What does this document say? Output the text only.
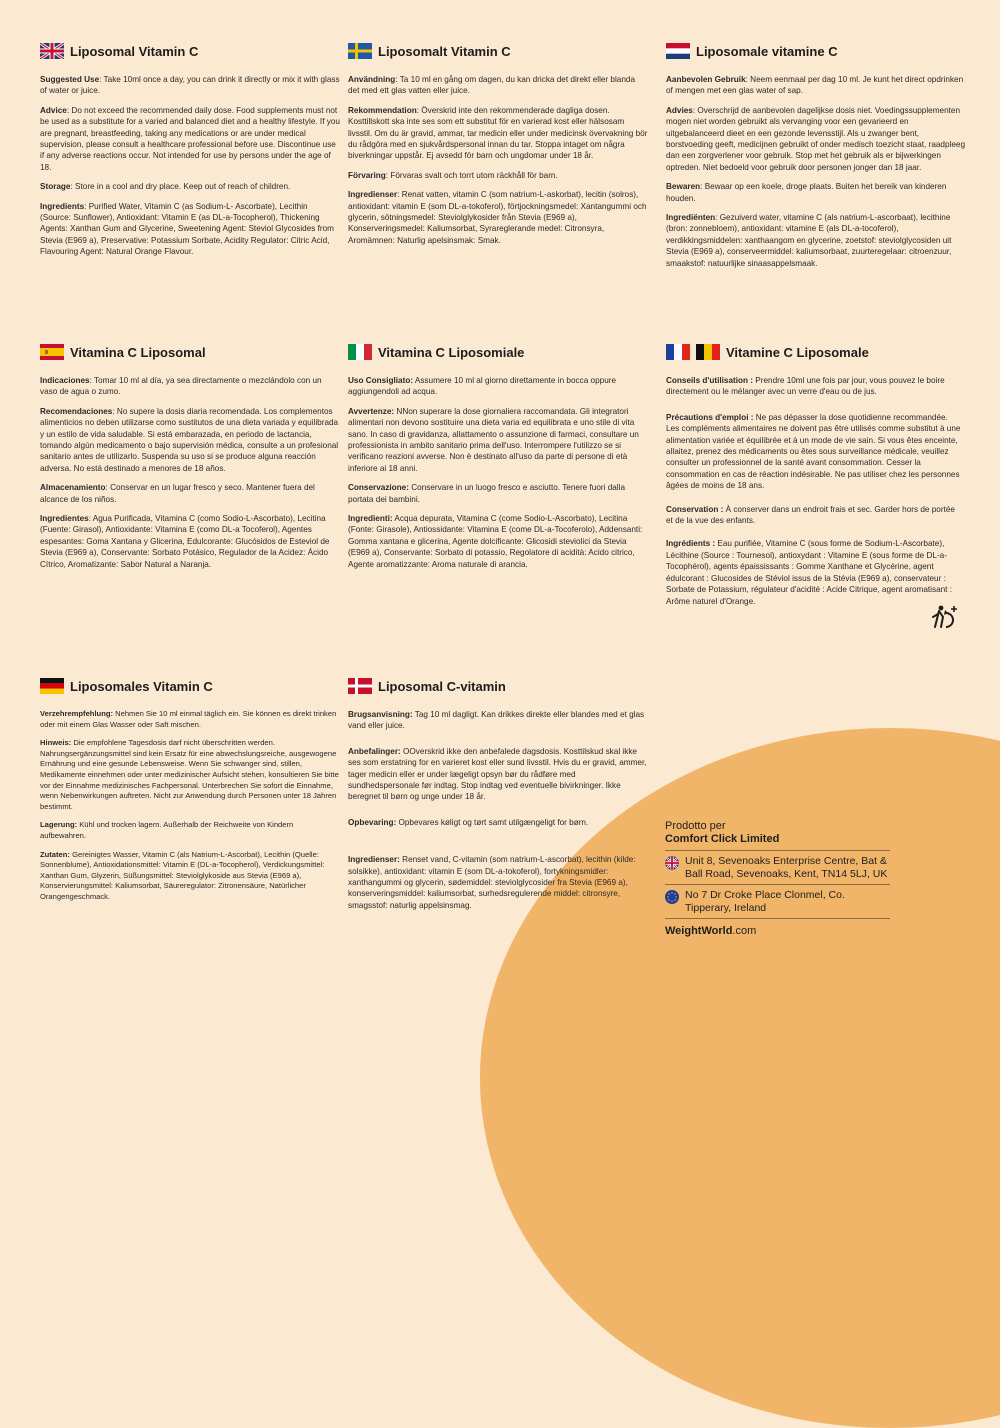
Liposomal Vitamin C

Suggested Use: Take 10ml once a day, you can drink it directly or mix it with glass of water or juice.

Advice: Do not exceed the recommended daily dose. Food supplements must not be used as a substitute for a varied and balanced diet and a healthy lifestyle. If you are pregnant, breastfeeding, taking any medications or are under medical supervision, please consult a healthcare professional before use. Discontinue use if any adverse reactions occur. Not intended for use by persons under the age of 18.

Storage: Store in a cool and dry place. Keep out of reach of children.

Ingredients: Purified Water, Vitamin C (as Sodium-L- Ascorbate), Lecithin (Source: Sunflower), Antioxidant: Vitamin E (as DL-a-Tocopherol), Thickening Agents: Xanthan Gum and Glycerine, Sweetening Agent: Steviol Glycosides from Stevia (E969 a), Preservative: Potassium Sorbate, Acidity Regulator: Citric Acid, Flavouring Agent: Natural Orange Flavour.

Liposomalt Vitamin C

Användning: Ta 10 ml en gång om dagen, du kan dricka det direkt eller blanda det med ett glas vatten eller juice.

Rekommendation: Överskrid inte den rekommenderade dagliga dosen. Kosttillskott ska inte ses som ett substitut för en varierad kost eller hälsosam livsstil. Om du är gravid, ammar, tar medicin eller under medicinsk övervakning bör du rådgöra med en sjukvårdspersonal innan du tar. Stoppa intaget om några biverkningar uppstår. Ej avsedd för barn och ungdomar under 18 år.

Förvaring: Förvaras svalt och torrt utom räckhåll för barn.

Ingredienser: Renat vatten, vitamin C (som natrium-L-askorbat), lecitin (solros), antioxidant: vitamin E (som DL-a-tokoferol), förtjockningsmedel: Xantangummi och glycerin, sötningsmedel: Steviolglykosider från Stevia (E969 a), Konserveringsmedel: Kaliumsorbat, Syrareglerande medel: Citronsyra, Aromämnen: Naturlig apelsinsmak: Smak.

Liposomale vitamine C

Aanbevolen Gebruik: Neem eenmaal per dag 10 ml. Je kunt het direct opdrinken of mengen met een glas water of sap.

Advies: Overschrijd de aanbevolen dagelijkse dosis niet. Voedingssupplementen mogen niet worden gebruikt als vervanging voor een gevarieerd en uitgebalanceerd dieet en een gezonde levensstijl. Als u zwanger bent, borstvoeding geeft, medicijnen gebruikt of onder medisch toezicht staat, raadpleeg dan een zorgverlener voor gebruik. Stop met het gebruik als er bijwerkingen optreden. Niet bedoeld voor gebruik door personen jonger dan 18 jaar.

Bewaren: Bewaar op een koele, droge plaats. Buiten het bereik van kinderen houden.

Ingrediënten: Gezuiverd water, vitamine C (als natrium-L-ascorbaat), lecithine (bron: zonnebloem), antioxidant: vitamine E (als DL-a-tocoferol), verdikkingsmiddelen: xanthaangom en glycerine, zoetstof: steviolglycosiden uit Stevia (E969 a), conserveermiddel: kaliumsorbaat, zuurteregelaar: citroenzuur, smaakstof: natuurlijke sinaasappelsmaak.

Vitamina C Liposomal

Indicaciones: Tomar 10 ml al día, ya sea directamente o mezclándolo con un vaso de agua o zumo.

Recomendaciones: No supere la dosis diaria recomendada. Los complementos alimenticios no deben utilizarse como sustitutos de una dieta variada y equilibrada y un estilo de vida saludable. Si está embarazada, en periodo de lactancia, tomando algún medicamento o bajo supervisión médica, consulte a un profesional sanitario antes de utilizarlo. Suspenda su uso si se produce alguna reacción adversa. No está destinado a menores de 18 años.

Almacenamiento: Conservar en un lugar fresco y seco. Mantener fuera del alcance de los niños.

Ingredientes: Agua Purificada, Vitamina C (como Sodio-L-Ascorbato), Lecitina (Fuente: Girasol), Antioxidante: Vitamina E (como DL-a Tocoferol), Agentes espesantes: Goma Xantana y Glicerina, Edulcorante: Glucósidos de Esteviol de Stevia (E969 a), Conservante: Sorbato Potásico, Regulador de la Acidez: Ácido Cítrico, Aromatizante: Sabor Natural a Naranja.

Vitamina C Liposomiale

Uso Consigliato: Assumere 10 ml al giorno direttamente in bocca oppure aggiungendoli ad acqua.

Avvertenze: NNon superare la dose giornaliera raccomandata. Gli integratori alimentari non devono sostituire una dieta varia ed equilibrata e uno stile di vita sano. In caso di gravidanza, allattamento o assunzione di farmaci, consultare un professionista in ambito sanitario prima dell'uso. Interrompere l'utilizzo se si verificano reazioni avverse. Non è destinato all'uso da parte di persone di età inferiore ai 18 anni.

Conservazione: Conservare in un luogo fresco e asciutto. Tenere fuori dalla portata dei bambini.

Ingredienti: Acqua depurata, Vitamina C (come Sodio-L-Ascorbato), Lecitina (Fonte: Girasole), Antiossidante: Vitamina E (come DL-a-Tocoferolo), Addensanti: Gomma xantana e glicerina, Agente dolcificante: Glicosidi steviolici da Stevia (E969 a), Conservante: Sorbato di potassio, Regolatore di acidità: Acido citrico, Agente aromatizzante: Aroma naturale di arancia.

Vitamine C Liposomale

Conseils d'utilisation : Prendre 10ml une fois par jour, vous pouvez le boire directement ou le mélanger avec un verre d'eau ou de jus.

Précautions d'emploi : Ne pas dépasser la dose quotidienne recommandée. Les compléments alimentaires ne doivent pas être utilisés comme substitut à une alimentation variée et équilibrée et à un mode de vie sain. Si vous êtes enceinte, allaitez, prenez des médicaments ou êtes sous surveillance médicale, veuillez consulter un professionnel de la santé avant consommation. Cesser la consommation en cas de réaction indésirable. Ne pas utiliser chez les personnes âgées de moins de 18 ans.

Conservation : À conserver dans un endroit frais et sec. Garder hors de portée et de la vue des enfants.

Ingrédients : Eau purifiée, Vitamine C (sous forme de Sodium-L-Ascorbate), Lécithine (Source : Tournesol), antioxydant : Vitamine E (sous forme de DL-a-Tocophérol), agents épaississants : Gomme Xanthane et Glycérine, agent édulcorant : Glucosides de Stéviol issus de la Stévia (E969 a), conservateur : Sorbate de Potassium, régulateur d'acidité : Acide Citrique, agent aromatisant : Arôme naturel d'Orange.

Liposomales Vitamin C

Verzehrempfehlung: Nehmen Sie 10 ml einmal täglich ein. Sie können es direkt trinken oder mit einem Glas Wasser oder Saft mischen.

Hinweis: Die empfohlene Tagesdosis darf nicht überschritten werden. Nahrungsergänzungsmittel sind kein Ersatz für eine abwechslungsreiche, ausgewogene Ernährung und eine gesunde Lebensweise. Wenn Sie schwanger sind, stillen, Medikamente einnehmen oder unter medizinischer Aufsicht stehen, konsultieren Sie bitte vor der Einnahme medizinisches Fachpersonal. Unterbrechen Sie sofort die Einnahme, wenn Nebenwirkungen auftreten. Nicht zur Anwendung durch Personen unter 18 Jahren bestimmt.

Lagerung: Kühl und trocken lagern. Außerhalb der Reichweite von Kindern aufbewahren.

Zutaten: Gereinigtes Wasser, Vitamin C (als Natrium-L-Ascorbat), Lecithin (Quelle: Sonnenblume), Antioxidationsmittel: Vitamin E (DL-a-Tocopherol), Verdickungsmittel: Xanthan Gum, Glyzerin, Süßungsmittel: Steviolglykoside aus Stevia (E969 a), Konservierungsmittel: Kaliumsorbat, Säureregulator: Zitronensäure, Natürlicher Orangengeschmack.

Liposomal C-vitamin

Brugsanvisning: Tag 10 ml dagligt. Kan drikkes direkte eller blandes med et glas vand eller juice.

Anbefalinger: OOverskrid ikke den anbefalede dagsdosis. Kosttilskud skal ikke ses som erstatning for en varieret kost eller sund livsstil. Hvis du er gravid, ammer, tager medicin eller er under lægeligt opsyn bør du rådføre med sundhedspersonale før indtag. Stop indtag ved eventuelle bivirkninger. Ikke beregnet til børn og unge under 18 år.

Opbevaring: Opbevares køligt og tørt samt utilgængeligt for børn.

Ingredienser: Renset vand, C-vitamin (som natrium-L-ascorbat), lecithin (kilde: solsikke), antioxidant: vitamin E (som DL-a-tokoferol), fortykningsmidler: xanthangummi og glycerin, sødemiddel: steviolglycosider fra Stevia (E969 a), konserveringsmiddel: kaliumsorbat, surhedsregulerende middel: citronsyre, smagsstof: naturlig appelsinsmag.

Prodotto per
Comfort Click Limited
Unit 8, Sevenoaks Enterprise Centre, Bat & Ball Road, Sevenoaks, Kent, TN14 5LJ, UK
No 7 Dr Croke Place Clonmel, Co. Tipperary, Ireland
WeightWorld.com
